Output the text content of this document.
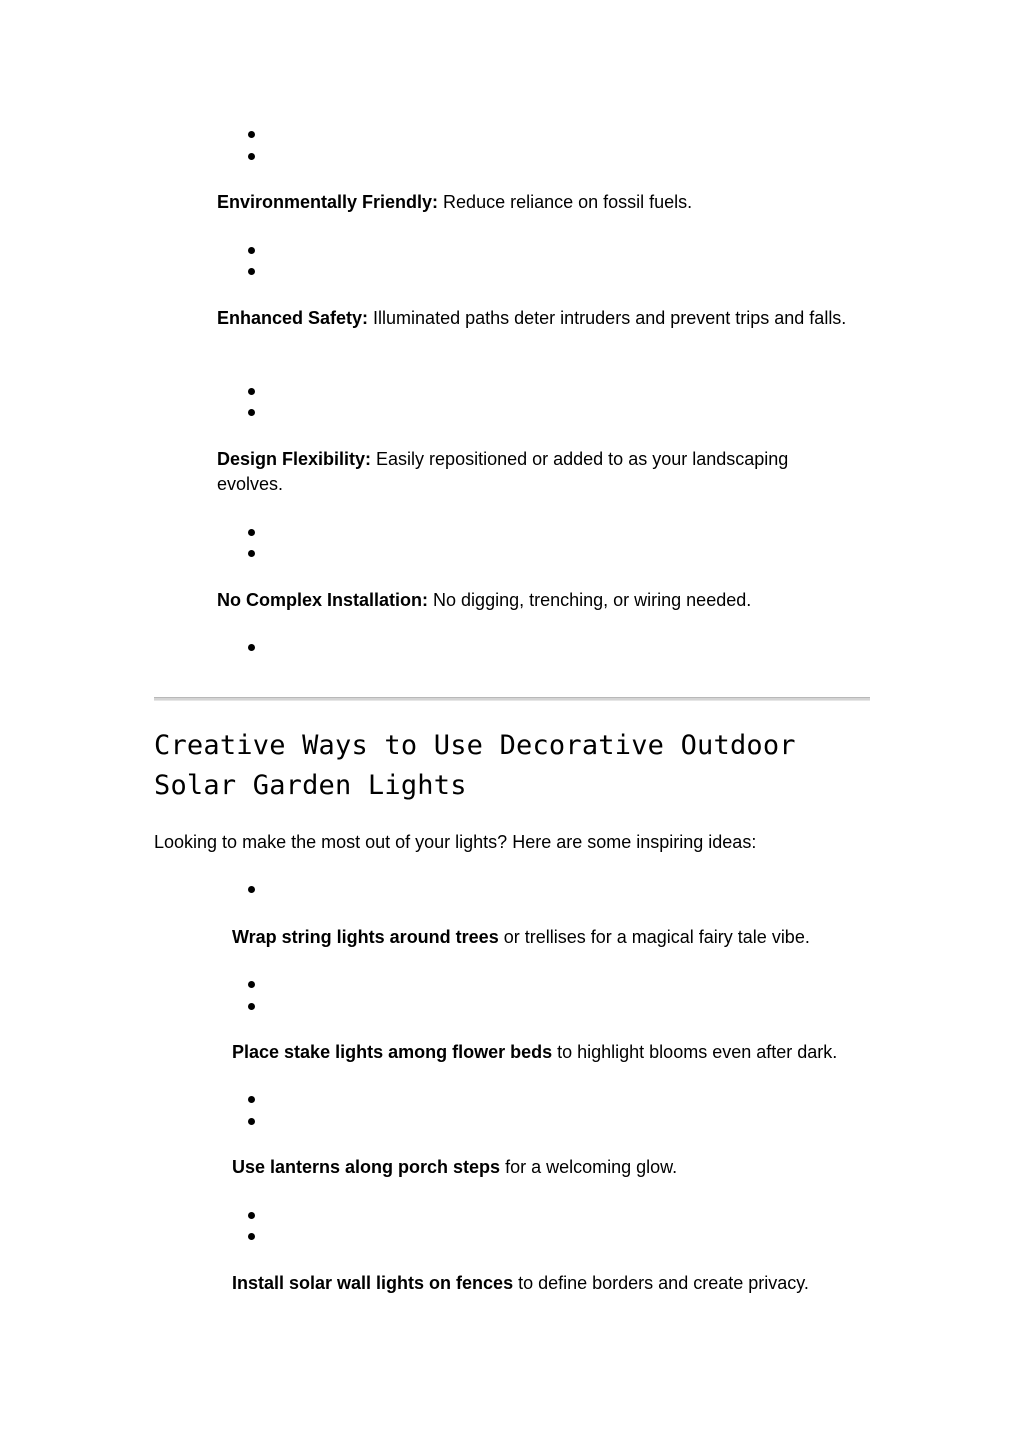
Environmentally Friendly: Reduce reliance on fossil fuels.

Enhanced Safety: Illuminated paths deter intruders and prevent trips and falls.

Design Flexibility: Easily repositioned or added to as your landscaping evolves.

No Complex Installation: No digging, trenching, or wiring needed.

Creative Ways to Use Decorative Outdoor Solar Garden Lights

Looking to make the most out of your lights? Here are some inspiring ideas:

Wrap string lights around trees or trellises for a magical fairy tale vibe.

Place stake lights among flower beds to highlight blooms even after dark.

Use lanterns along porch steps for a welcoming glow.

Install solar wall lights on fences to define borders and create privacy.
